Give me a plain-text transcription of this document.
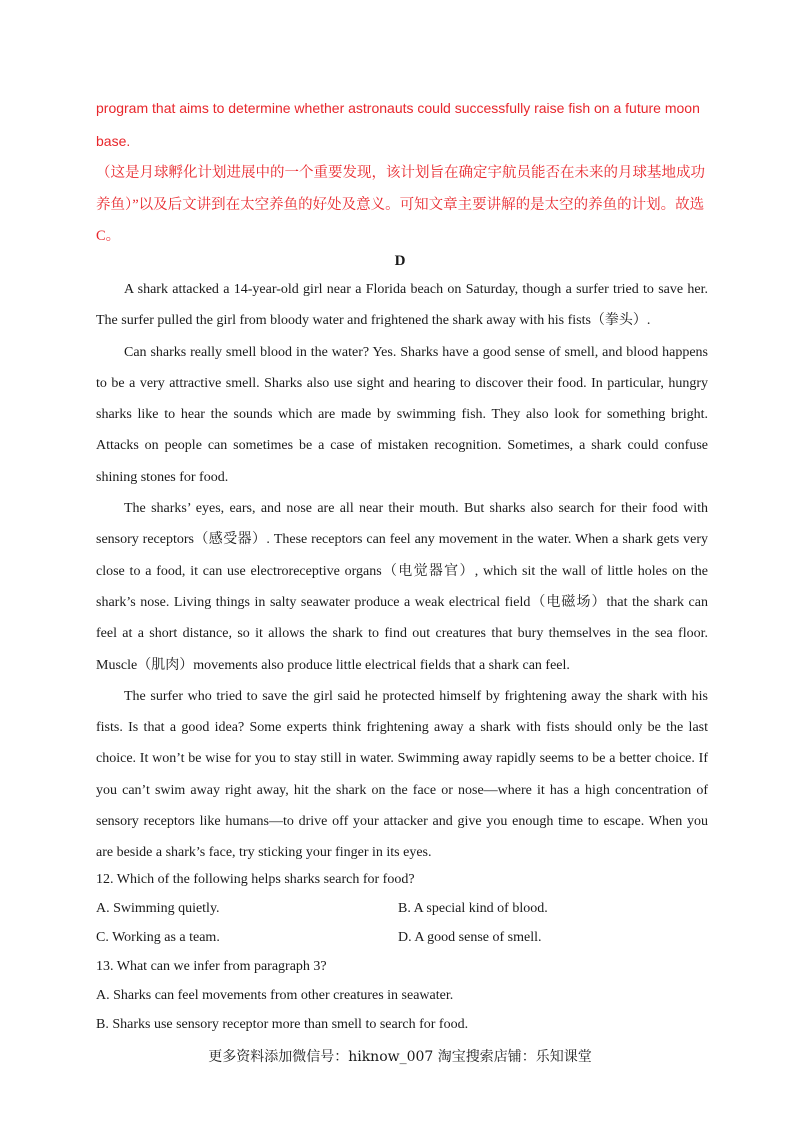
program that aims to determine whether astronauts could successfully raise fish on a future moon base.
（这是月球孵化计划进展中的一个重要发现，该计划旨在确定宇航员能否在未来的月球基地成功养鱼）”以及后文讲到在太空养鱼的好处及意义。可知文章主要讲解的是太空的养鱼的计划。故选C。
D

A shark attacked a 14-year-old girl near a Florida beach on Saturday, though a surfer tried to save her. The surfer pulled the girl from bloody water and frightened the shark away with his fists（拳头）.

Can sharks really smell blood in the water? Yes. Sharks have a good sense of smell, and blood happens to be a very attractive smell. Sharks also use sight and hearing to discover their food. In particular, hungry sharks like to hear the sounds which are made by swimming fish. They also look for something bright. Attacks on people can sometimes be a case of mistaken recognition. Sometimes, a shark could confuse shining stones for food.

The sharks’ eyes, ears, and nose are all near their mouth. But sharks also search for their food with sensory receptors（感受器）. These receptors can feel any movement in the water. When a shark gets very close to a food, it can use electroreceptive organs（电觉器官）, which sit the wall of little holes on the shark’s nose. Living things in salty seawater produce a weak electrical field（电磁场）that the shark can feel at a short distance, so it allows the shark to find out creatures that bury themselves in the sea floor. Muscle（肌肉）movements also produce little electrical fields that a shark can feel.

The surfer who tried to save the girl said he protected himself by frightening away the shark with his fists. Is that a good idea? Some experts think frightening away a shark with fists should only be the last choice. It won’t be wise for you to stay still in water. Swimming away rapidly seems to be a better choice. If you can’t swim away right away, hit the shark on the face or nose—where it has a high concentration of sensory receptors like humans—to drive off your attacker and give you enough time to escape. When you are beside a shark’s face, try sticking your finger in its eyes.

12. Which of the following helps sharks search for food?
A. Swimming quietly.	B. A special kind of blood.
C. Working as a team.	D. A good sense of smell.
13. What can we infer from paragraph 3?
A. Sharks can feel movements from other creatures in seawater.
B. Sharks use sensory receptor more than smell to search for food.
更多资料添加微信号：hiknow_007 淘宝搜索店铺：乐知课堂
